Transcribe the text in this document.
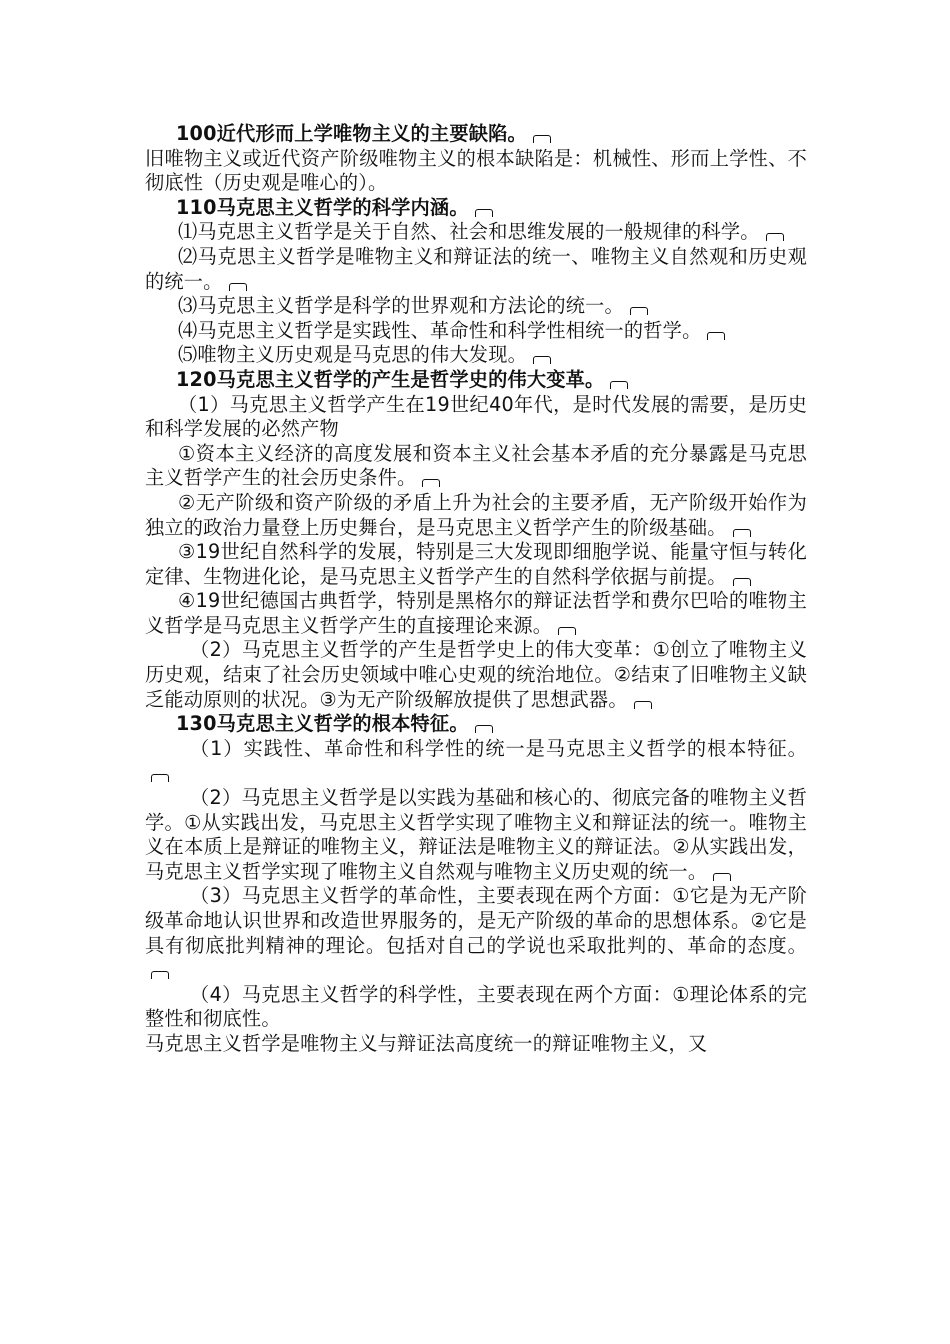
100近代形而上学唯物主义的主要缺陷。

旧唯物主义或近代资产阶级唯物主义的根本缺陷是：机械性、形而上学性、不彻底性（历史观是唯心的）。

110马克思主义哲学的科学内涵。

⑴马克思主义哲学是关于自然、社会和思维发展的一般规律的科学。

⑵马克思主义哲学是唯物主义和辩证法的统一、唯物主义自然观和历史观的统一。

⑶马克思主义哲学是科学的世界观和方法论的统一。

⑷马克思主义哲学是实践性、革命性和科学性相统一的哲学。

⑸唯物主义历史观是马克思的伟大发现。

120马克思主义哲学的产生是哲学史的伟大变革。

（1）马克思主义哲学产生在19世纪40年代，是时代发展的需要，是历史和科学发展的必然产物

①资本主义经济的高度发展和资本主义社会基本矛盾的充分暴露是马克思主义哲学产生的社会历史条件。

②无产阶级和资产阶级的矛盾上升为社会的主要矛盾，无产阶级开始作为独立的政治力量登上历史舞台，是马克思主义哲学产生的阶级基础。

③19世纪自然科学的发展，特别是三大发现即细胞学说、能量守恒与转化定律、生物进化论，是马克思主义哲学产生的自然科学依据与前提。

④19世纪德国古典哲学，特别是黑格尔的辩证法哲学和费尔巴哈的唯物主义哲学是马克思主义哲学产生的直接理论来源。

（2）马克思主义哲学的产生是哲学史上的伟大变革：①创立了唯物主义历史观，结束了社会历史领域中唯心史观的统治地位。②结束了旧唯物主义缺乏能动原则的状况。③为无产阶级解放提供了思想武器。

130马克思主义哲学的根本特征。

（1）实践性、革命性和科学性的统一是马克思主义哲学的根本特征。

（2）马克思主义哲学是以实践为基础和核心的、彻底完备的唯物主义哲学。①从实践出发，马克思主义哲学实现了唯物主义和辩证法的统一。唯物主义在本质上是辩证的唯物主义，辩证法是唯物主义的辩证法。②从实践出发，马克思主义哲学实现了唯物主义自然观与唯物主义历史观的统一。

（3）马克思主义哲学的革命性，主要表现在两个方面：①它是为无产阶级革命地认识世界和改造世界服务的，是无产阶级的革命的思想体系。②它是具有彻底批判精神的理论。包括对自己的学说也采取批判的、革命的态度。

（4）马克思主义哲学的科学性，主要表现在两个方面：①理论体系的完整性和彻底性。

马克思主义哲学是唯物主义与辩证法高度统一的辩证唯物主义，又
